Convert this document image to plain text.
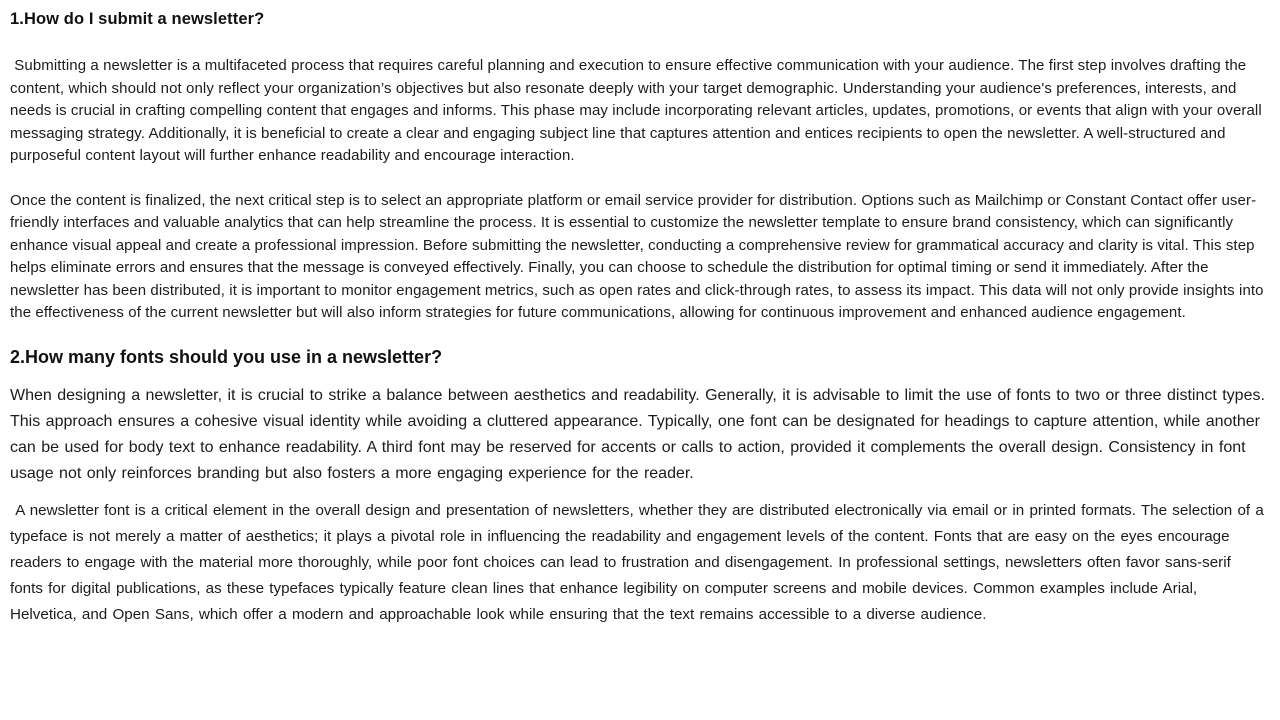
1.How do I submit a newsletter?

Submitting a newsletter is a multifaceted process that requires careful planning and execution to ensure effective communication with your audience. The first step involves drafting the content, which should not only reflect your organization’s objectives but also resonate deeply with your target demographic. Understanding your audience's preferences, interests, and needs is crucial in crafting compelling content that engages and informs. This phase may include incorporating relevant articles, updates, promotions, or events that align with your overall messaging strategy. Additionally, it is beneficial to create a clear and engaging subject line that captures attention and entices recipients to open the newsletter. A well-structured and purposeful content layout will further enhance readability and encourage interaction.

Once the content is finalized, the next critical step is to select an appropriate platform or email service provider for distribution. Options such as Mailchimp or Constant Contact offer user-friendly interfaces and valuable analytics that can help streamline the process. It is essential to customize the newsletter template to ensure brand consistency, which can significantly enhance visual appeal and create a professional impression. Before submitting the newsletter, conducting a comprehensive review for grammatical accuracy and clarity is vital. This step helps eliminate errors and ensures that the message is conveyed effectively. Finally, you can choose to schedule the distribution for optimal timing or send it immediately. After the newsletter has been distributed, it is important to monitor engagement metrics, such as open rates and click-through rates, to assess its impact. This data will not only provide insights into the effectiveness of the current newsletter but will also inform strategies for future communications, allowing for continuous improvement and enhanced audience engagement.

2.How many fonts should you use in a newsletter?

When designing a newsletter, it is crucial to strike a balance between aesthetics and readability. Generally, it is advisable to limit the use of fonts to two or three distinct types. This approach ensures a cohesive visual identity while avoiding a cluttered appearance. Typically, one font can be designated for headings to capture attention, while another can be used for body text to enhance readability. A third font may be reserved for accents or calls to action, provided it complements the overall design. Consistency in font usage not only reinforces branding but also fosters a more engaging experience for the reader.

A newsletter font is a critical element in the overall design and presentation of newsletters, whether they are distributed electronically via email or in printed formats. The selection of a typeface is not merely a matter of aesthetics; it plays a pivotal role in influencing the readability and engagement levels of the content. Fonts that are easy on the eyes encourage readers to engage with the material more thoroughly, while poor font choices can lead to frustration and disengagement. In professional settings, newsletters often favor sans-serif fonts for digital publications, as these typefaces typically feature clean lines that enhance legibility on computer screens and mobile devices. Common examples include Arial, Helvetica, and Open Sans, which offer a modern and approachable look while ensuring that the text remains accessible to a diverse audience.
